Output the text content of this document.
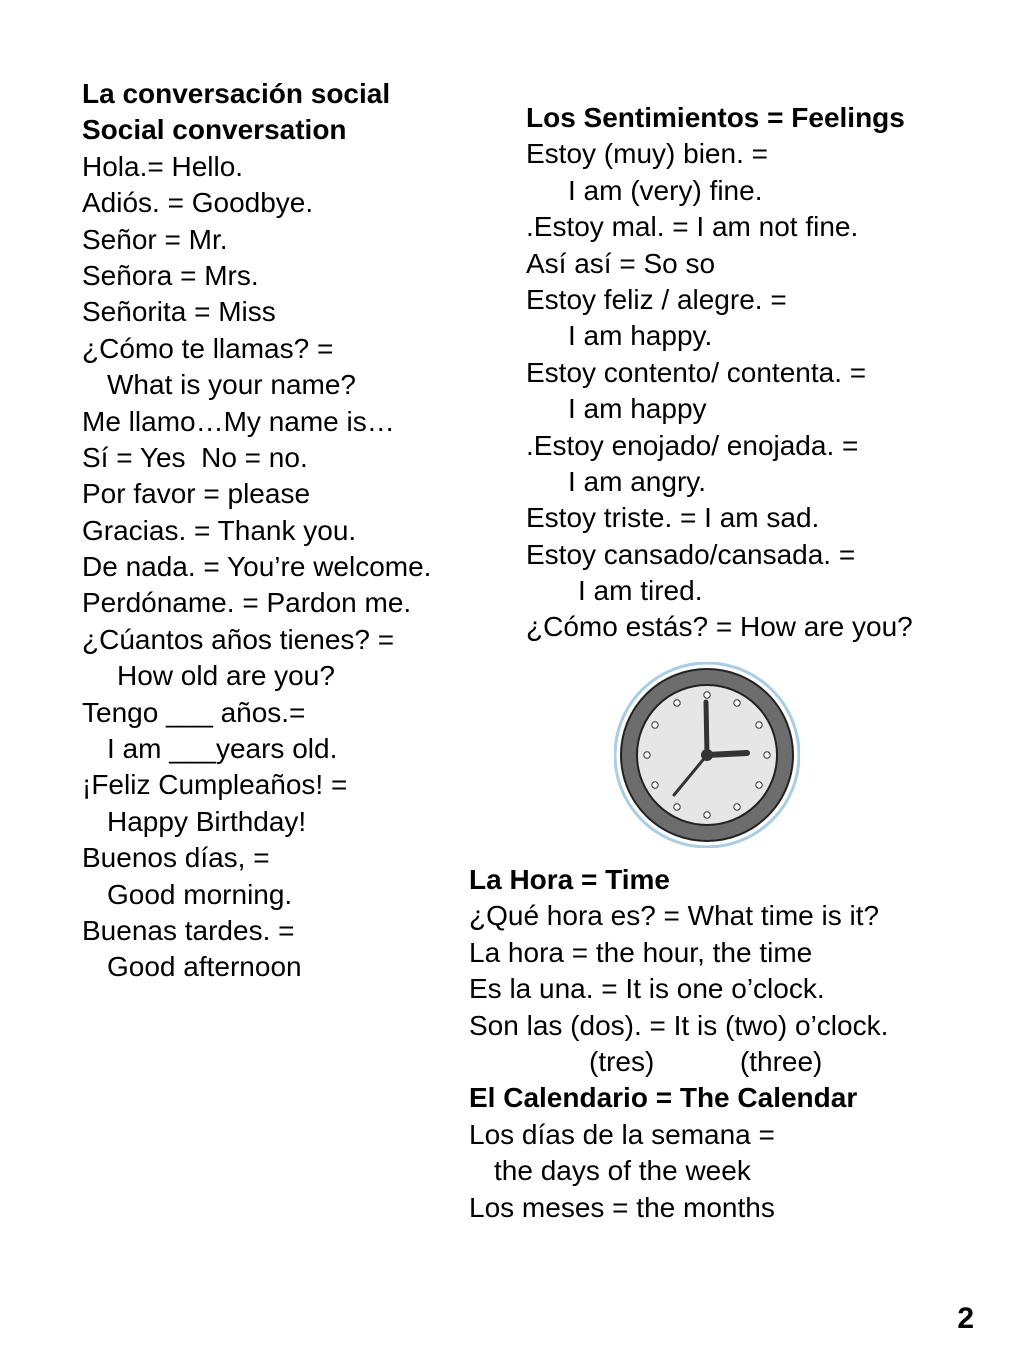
La conversación social
Social conversation
Hola.= Hello.
Adiós. = Goodbye.
Señor = Mr.
Señora = Mrs.
Señorita = Miss
¿Cómo te llamas? =
What is your name?
Me llamo…My name is…
Sí = Yes  No = no.
Por favor = please
Gracias. = Thank you.
De nada. = You’re welcome.
Perdóname. = Pardon me.
¿Cúantos años tienes? =
How old are you?
Tengo ___ años.=
I am ___years old.
¡Feliz Cumpleaños! =
Happy Birthday!
Buenos días, =
Good morning.
Buenas tardes. =
Good afternoon
Los Sentimientos = Feelings
Estoy (muy) bien. =
I am (very) fine.
.Estoy mal. = I am not fine.
Así así = So so
Estoy feliz / alegre. =
I am happy.
Estoy contento/ contenta. =
I am happy
.Estoy enojado/ enojada. =
I am angry.
Estoy triste. = I am sad.
Estoy cansado/cansada. =
I am tired.
¿Cómo estás? = How are you?
La Hora = Time
¿Qué hora es? = What time is it?
La hora = the hour, the time
Es la una. = It is one o’clock.
Son las (dos). = It is (two) o’clock.
(tres)           (three)
El Calendario = The Calendar
Los días de la semana =
the days of the week
Los meses = the months
2
